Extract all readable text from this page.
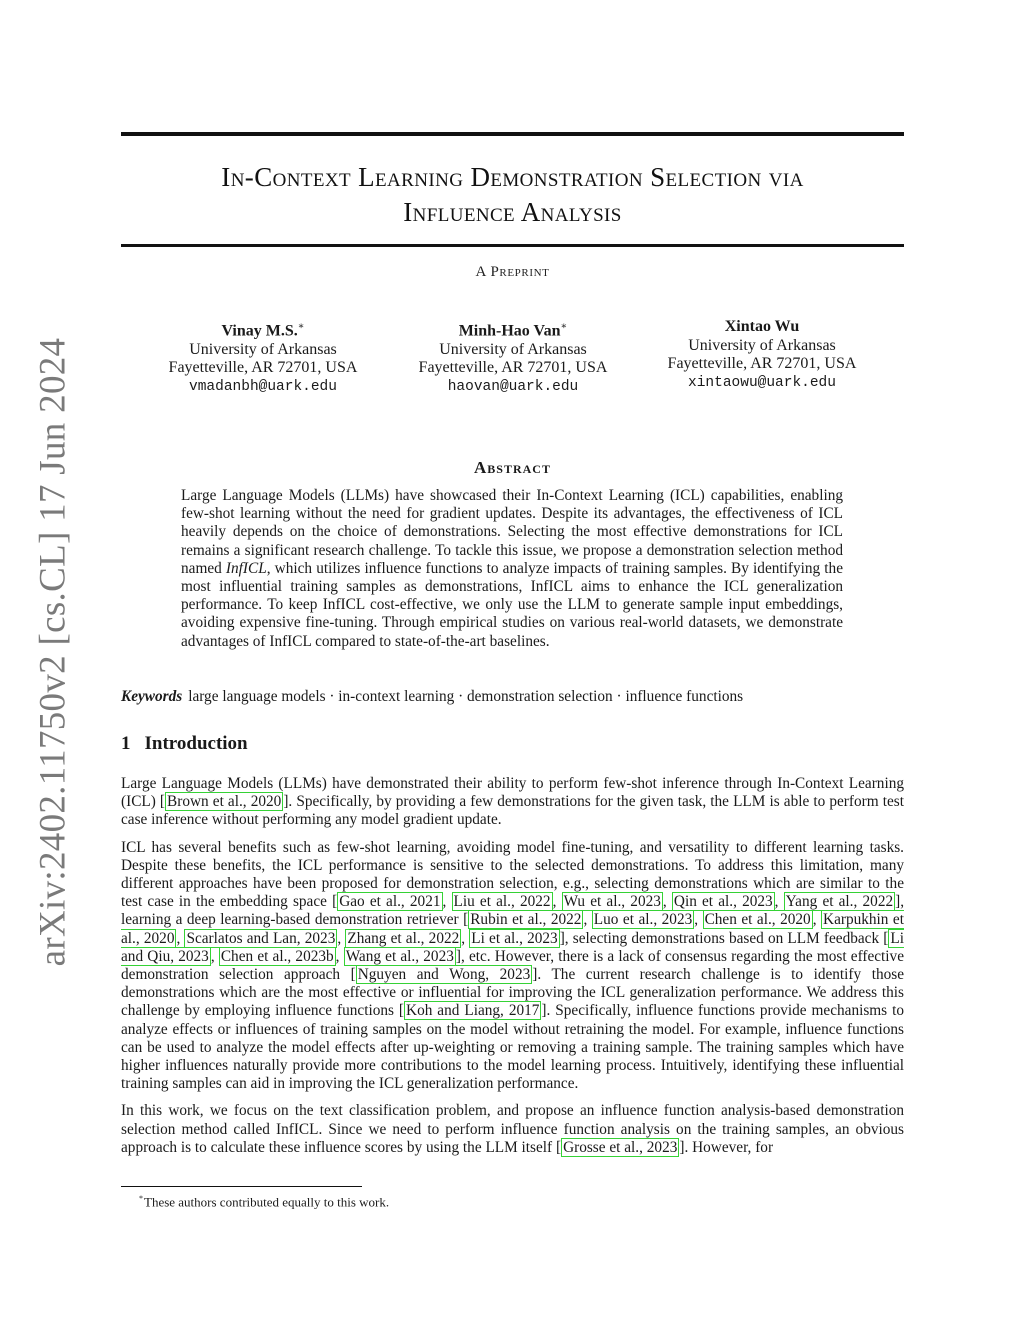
arXiv:2402.11750v2 [cs.CL] 17 Jun 2024
In-Context Learning Demonstration Selection via
Influence Analysis
A Preprint
Vinay M.S.∗
University of Arkansas
Fayetteville, AR 72701, USA
vmadanbh@uark.edu
Minh-Hao Van∗
University of Arkansas
Fayetteville, AR 72701, USA
haovan@uark.edu
Xintao Wu
University of Arkansas
Fayetteville, AR 72701, USA
xintaowu@uark.edu
Abstract
Large Language Models (LLMs) have showcased their In-Context Learning (ICL) capabilities, enabling few-shot learning without the need for gradient updates. Despite its advantages, the effectiveness of ICL heavily depends on the choice of demonstrations. Selecting the most effective demonstrations for ICL remains a significant research challenge. To tackle this issue, we propose a demonstration selection method named InfICL, which utilizes influence functions to analyze impacts of training samples. By identifying the most influential training samples as demonstrations, InfICL aims to enhance the ICL generalization performance. To keep InfICL cost-effective, we only use the LLM to generate sample input embeddings, avoiding expensive fine-tuning. Through empirical studies on various real-world datasets, we demonstrate advantages of InfICL compared to state-of-the-art baselines.
Keywords large language models · in-context learning · demonstration selection · influence functions
1 Introduction

Large Language Models (LLMs) have demonstrated their ability to perform few-shot inference through In-Context Learning (ICL) [ Brown et al., 2020 ]. Specifically, by providing a few demonstrations for the given task, the LLM is able to perform test case inference without performing any model gradient update.

ICL has several benefits such as few-shot learning, avoiding model fine-tuning, and versatility to different learning tasks. Despite these benefits, the ICL performance is sensitive to the selected demonstrations. To address this limitation, many different approaches have been proposed for demonstration selection, e.g., selecting demonstrations which are similar to the test case in the embedding space [ Gao et al., 2021 , Liu et al., 2022 , Wu et al., 2023 , Qin et al., 2023 , Yang et al., 2022 ], learning a deep learning-based demonstration retriever [ Rubin et al., 2022 , Luo et al., 2023 , Chen et al., 2020 , Karpukhin et al., 2020 , Scarlatos and Lan, 2023 , Zhang et al., 2022 , Li et al., 2023 ], selecting demonstrations based on LLM feedback [ Li and Qiu, 2023 , Chen et al., 2023b , Wang et al., 2023 ], etc. However, there is a lack of consensus regarding the most effective demonstration selection approach [ Nguyen and Wong, 2023 ]. The current research challenge is to identify those demonstrations which are the most effective or influential for improving the ICL generalization performance. We address this challenge by employing influence functions [ Koh and Liang, 2017 ]. Specifically, influence functions provide mechanisms to analyze effects or influences of training samples on the model without retraining the model. For example, influence functions can be used to analyze the model effects after up-weighting or removing a training sample. The training samples which have higher influences naturally provide more contributions to the model learning process. Intuitively, identifying these influential training samples can aid in improving the ICL generalization performance.

In this work, we focus on the text classification problem, and propose an influence function analysis-based demonstration selection method called InfICL. Since we need to perform influence function analysis on the training samples, an obvious approach is to calculate these influence scores by using the LLM itself [ Grosse et al., 2023 ]. However, for

*These authors contributed equally to this work.
